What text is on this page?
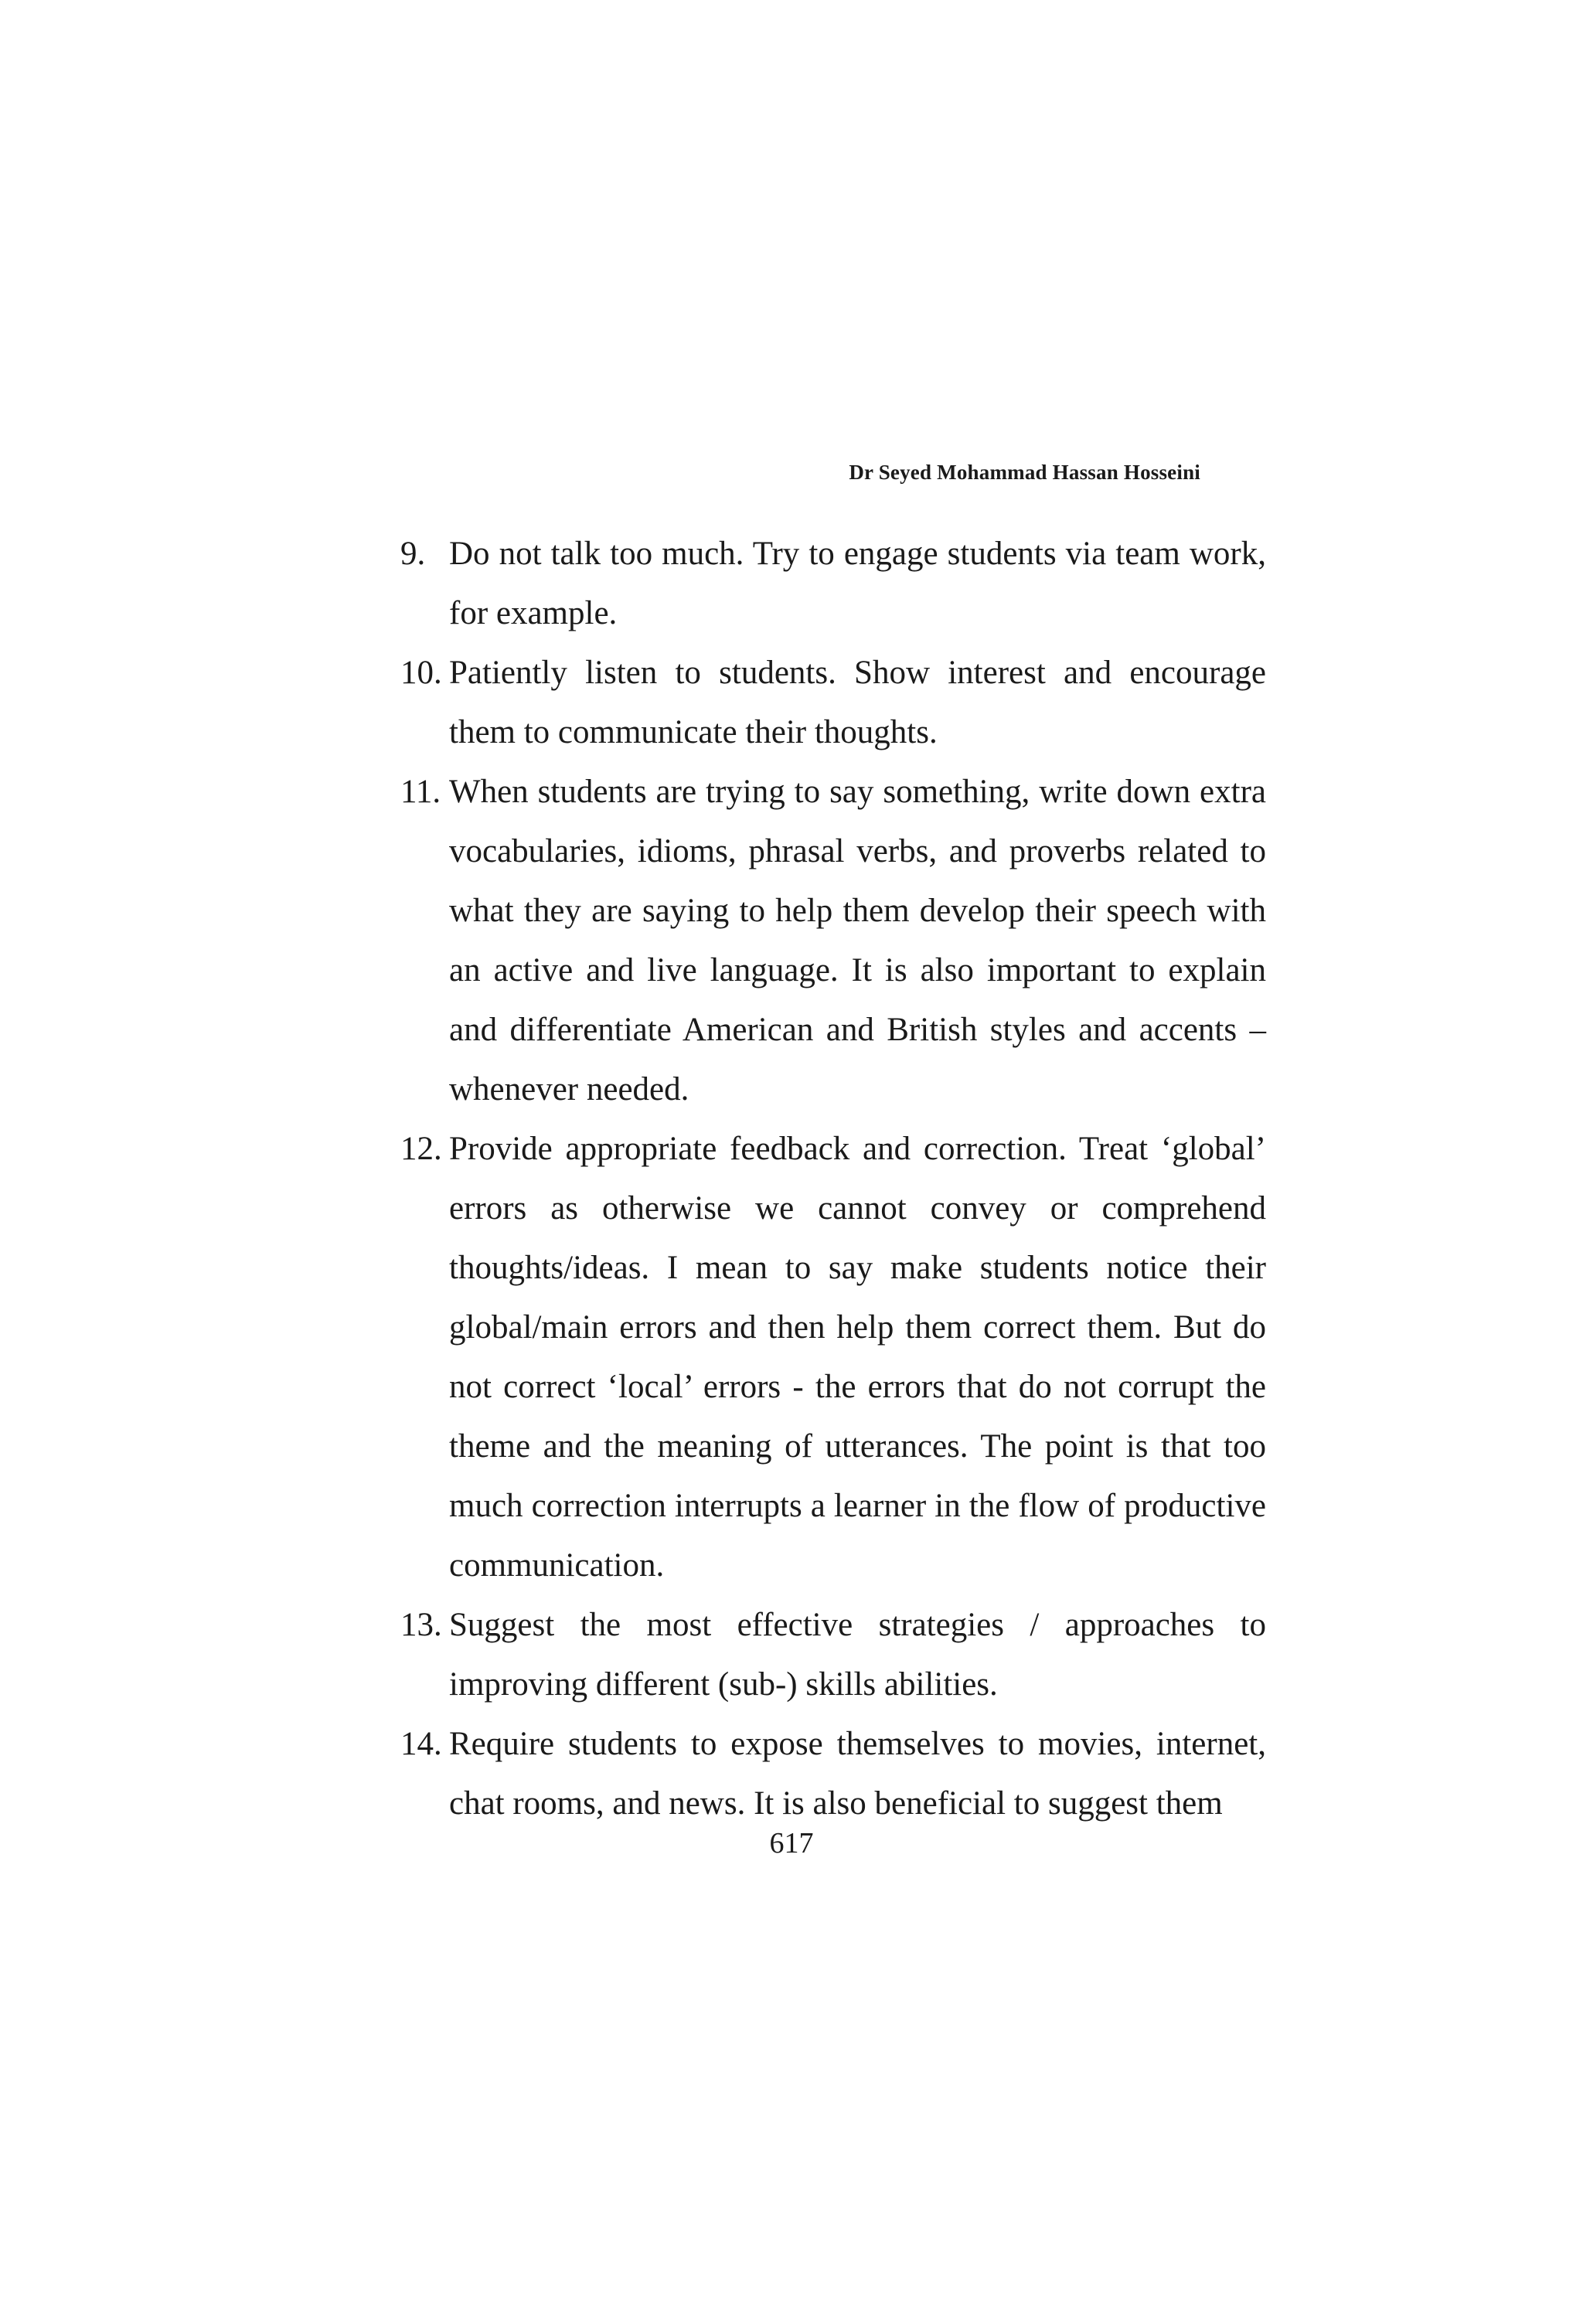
Dr Seyed Mohammad Hassan Hosseini
9. Do not talk too much. Try to engage students via team work, for example.
10. Patiently listen to students. Show interest and encourage them to communicate their thoughts.
11. When students are trying to say something, write down extra vocabularies, idioms, phrasal verbs, and proverbs related to what they are saying to help them develop their speech with an active and live language. It is also important to explain and differentiate American and British styles and accents – whenever needed.
12. Provide appropriate feedback and correction. Treat ‘global’ errors as otherwise we cannot convey or comprehend thoughts/ideas. I mean to say make students notice their global/main errors and then help them correct them. But do not correct ‘local’ errors - the errors that do not corrupt the theme and the meaning of utterances. The point is that too much correction interrupts a learner in the flow of productive communication.
13. Suggest the most effective strategies / approaches to improving different (sub-) skills abilities.
14. Require students to expose themselves to movies, internet, chat rooms, and news. It is also beneficial to suggest them
617
